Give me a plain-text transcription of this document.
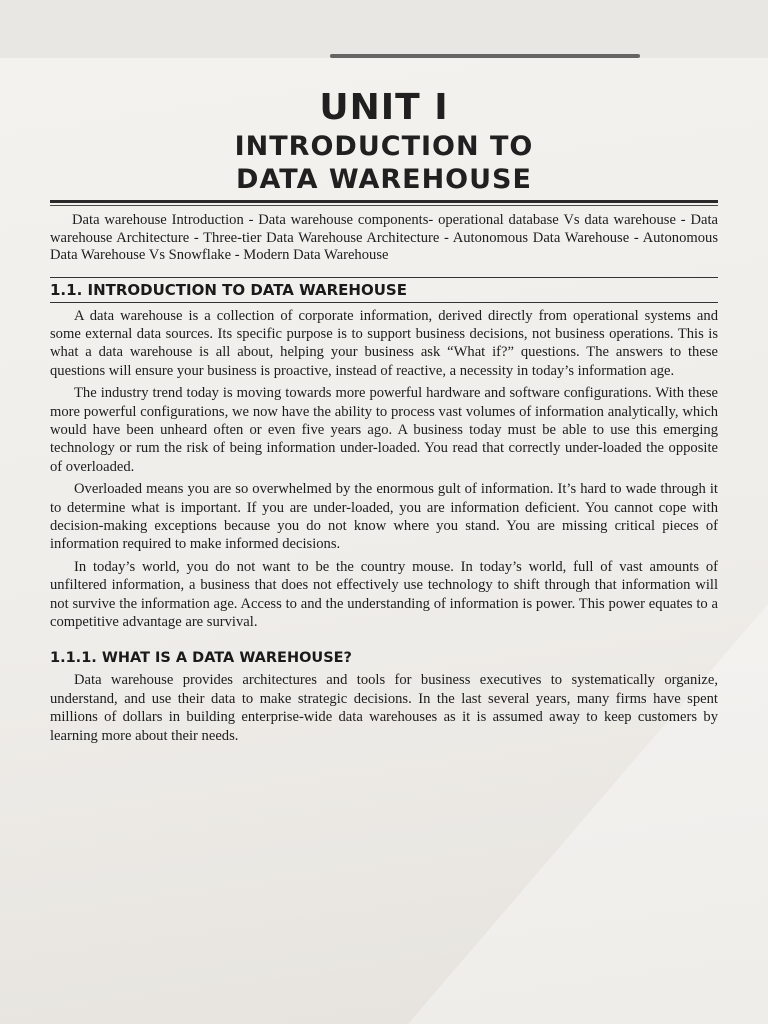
UNIT I
INTRODUCTION TO
DATA WAREHOUSE

Data warehouse Introduction - Data warehouse components- operational database Vs data warehouse - Data warehouse Architecture - Three-tier Data Warehouse Architecture - Autonomous Data Warehouse - Autonomous Data Warehouse Vs Snowflake - Modern Data Warehouse

1.1. INTRODUCTION TO DATA WAREHOUSE

A data warehouse is a collection of corporate information, derived directly from operational systems and some external data sources. Its specific purpose is to support business decisions, not business operations. This is what a data warehouse is all about, helping your business ask “What if?” questions. The answers to these questions will ensure your business is proactive, instead of reactive, a necessity in today’s information age.

The industry trend today is moving towards more powerful hardware and software configurations. With these more powerful configurations, we now have the ability to process vast volumes of information analytically, which would have been unheard often or even five years ago. A business today must be able to use this emerging technology or rum the risk of being information under-loaded. You read that correctly under-loaded the opposite of overloaded.

Overloaded means you are so overwhelmed by the enormous gult of information. It’s hard to wade through it to determine what is important. If you are under-loaded, you are information deficient. You cannot cope with decision-making exceptions because you do not know where you stand. You are missing critical pieces of information required to make informed decisions.

In today’s world, you do not want to be the country mouse. In today’s world, full of vast amounts of unfiltered information, a business that does not effectively use technology to shift through that information will not survive the information age. Access to and the understanding of information is power. This power equates to a competitive advantage are survival.

1.1.1. WHAT IS A DATA WAREHOUSE?

Data warehouse provides architectures and tools for business executives to systematically organize, understand, and use their data to make strategic decisions. In the last several years, many firms have spent millions of dollars in building enterprise-wide data warehouses as it is assumed away to keep customers by learning more about their needs.
